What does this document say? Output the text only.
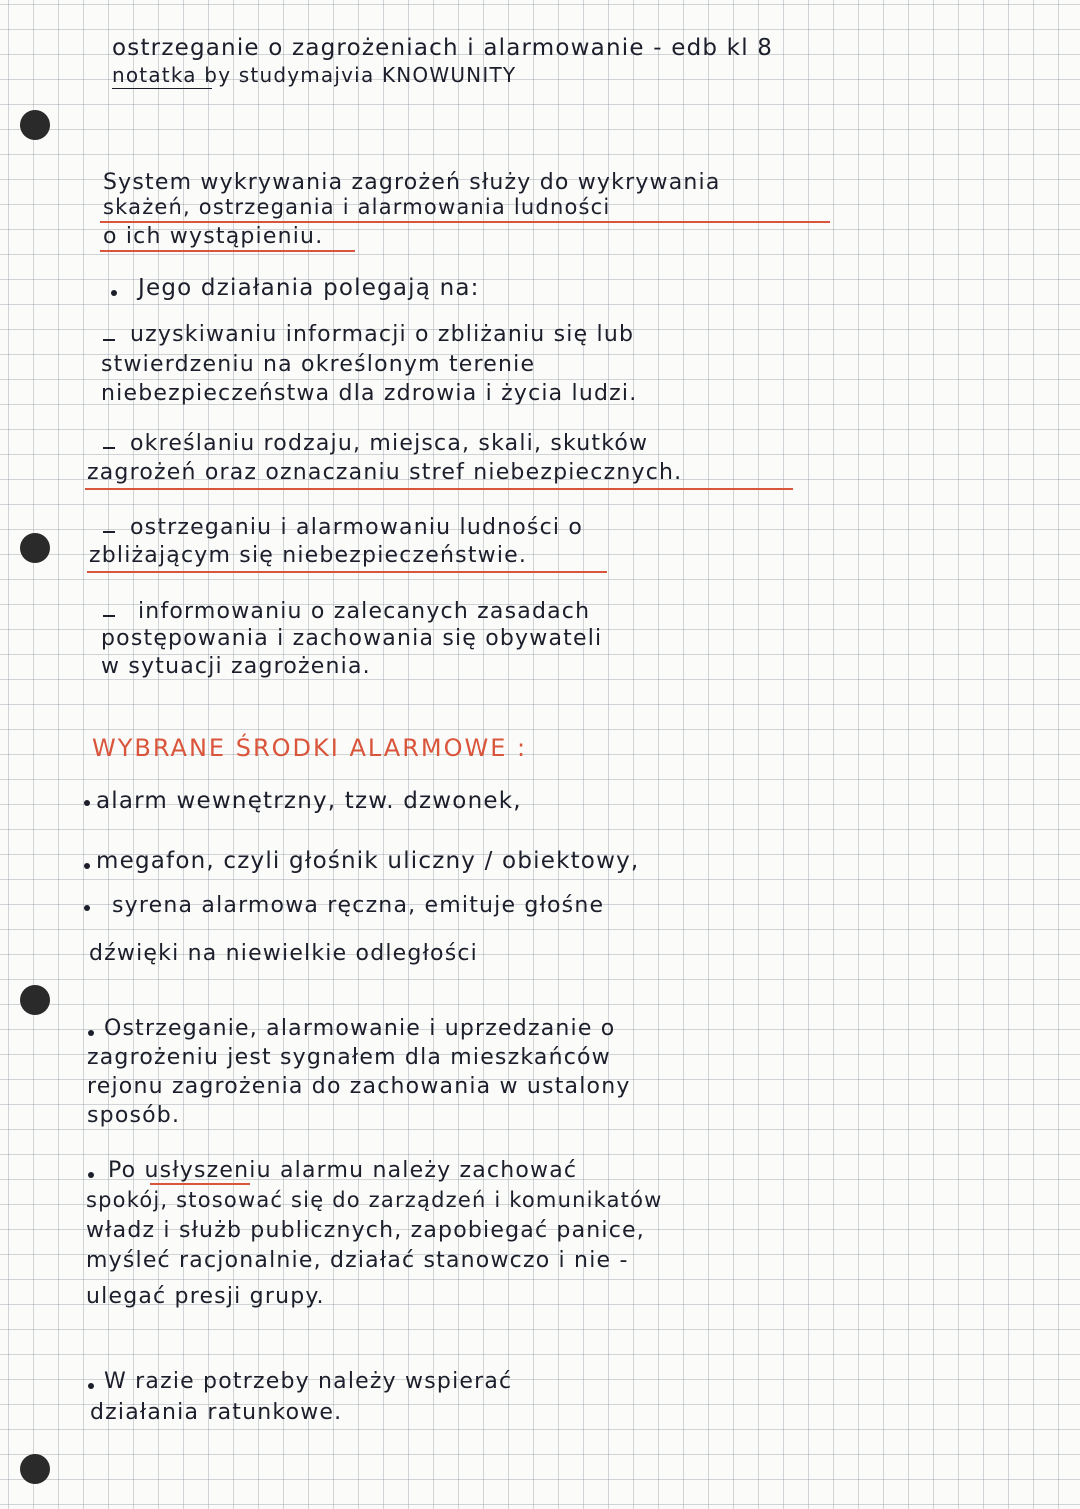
ostrzeganie o zagrożeniach i alarmowanie - edb kl 8
notatka by studymajvia KNOWUNITY
System wykrywania zagrożeń służy do wykrywania
skażeń, ostrzegania i alarmowania ludności
o ich wystąpieniu.
Jego działania polegają na:
uzyskiwaniu informacji o zbliżaniu się lub
stwierdzeniu na określonym terenie
niebezpieczeństwa dla zdrowia i życia ludzi.
określaniu rodzaju, miejsca, skali, skutków
zagrożeń oraz oznaczaniu stref niebezpiecznych.
ostrzeganiu i alarmowaniu ludności o
zbliżającym się niebezpieczeństwie.
informowaniu o zalecanych zasadach
postępowania i zachowania się obywateli
w sytuacji zagrożenia.
WYBRANE ŚRODKI ALARMOWE :
alarm wewnętrzny, tzw. dzwonek,
megafon, czyli głośnik uliczny / obiektowy,
syrena alarmowa ręczna, emituje głośne
dźwięki na niewielkie odległości
Ostrzeganie, alarmowanie i uprzedzanie o
zagrożeniu jest sygnałem dla mieszkańców
rejonu zagrożenia do zachowania w ustalony
sposób.
Po usłyszeniu alarmu należy zachować
spokój, stosować się do zarządzeń i komunikatów
władz i służb publicznych, zapobiegać panice,
myśleć racjonalnie, działać stanowczo i nie -
ulegać presji grupy.
W razie potrzeby należy wspierać
działania ratunkowe.
